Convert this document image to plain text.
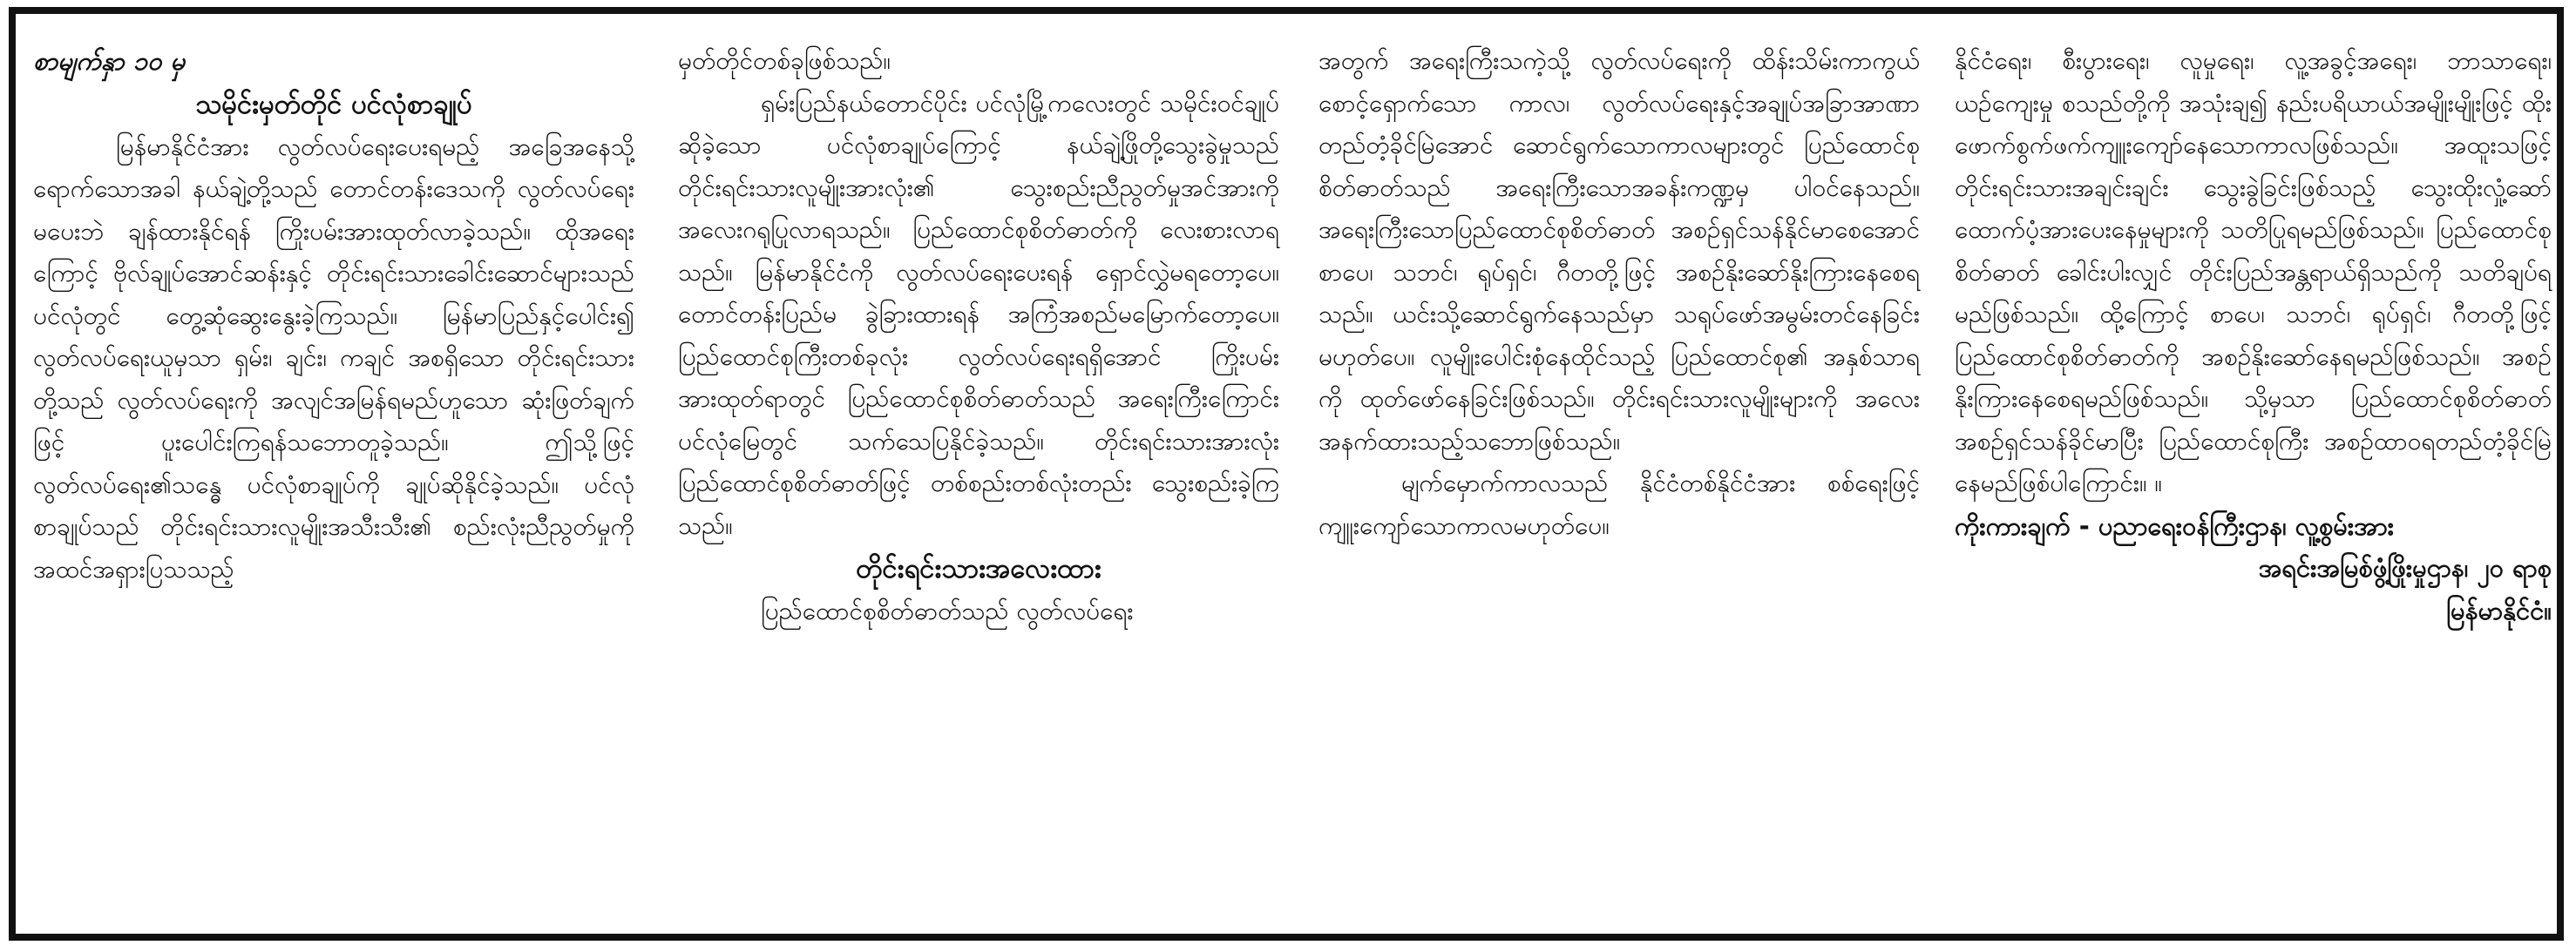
စာမျက်နှာ ၁၀ မှ
သမိုင်းမှတ်တိုင် ပင်လုံစာချုပ်

မြန်မာနိုင်ငံအား လွတ်လပ်ရေးပေးရမည့် အခြေအနေသို့ရောက်သောအခါ နယ်ချဲ့တို့သည် တောင်တန်းဒေသကို လွတ်လပ်ရေးမပေးဘဲ ချန်ထားနိုင်ရန် ကြိုးပမ်းအားထုတ်လာခဲ့သည်။ ထိုအရေးကြောင့် ဗိုလ်ချုပ်အောင်ဆန်းနှင့် တိုင်းရင်းသားခေါင်းဆောင်များသည် ပင်လုံတွင် တွေ့ဆုံဆွေးနွေးခဲ့ကြသည်။ မြန်မာပြည်နှင့်ပေါင်း၍ လွတ်လပ်ရေးယူမှသာ ရှမ်း၊ ချင်း၊ ကချင် အစရှိသော တိုင်းရင်းသားတို့သည် လွတ်လပ်ရေးကို အလျင်အမြန်ရမည်ဟူသော ဆုံးဖြတ်ချက်ဖြင့် ပူးပေါင်းကြရန်သဘောတူခဲ့သည်။ ဤသို့ဖြင့် လွတ်လပ်ရေး၏သန္ဓေ ပင်လုံစာချုပ်ကို ချုပ်ဆိုနိုင်ခဲ့သည်။ ပင်လုံစာချုပ်သည် တိုင်းရင်းသားလူမျိုးအသီးသီး၏ စည်းလုံးညီညွတ်မှုကို အထင်အရှားပြသသည့်

မှတ်တိုင်တစ်ခုဖြစ်သည်။

ရှမ်းပြည်နယ်တောင်ပိုင်း ပင်လုံမြို့ကလေးတွင် သမိုင်းဝင်ချုပ်ဆိုခဲ့သော ပင်လုံစာချုပ်ကြောင့် နယ်ချဲ့ဖြိုတို့သွေးခွဲမှုသည် တိုင်းရင်းသားလူမျိုးအားလုံး၏ သွေးစည်းညီညွတ်မှုအင်အားကို အလေးဂရုပြုလာရသည်။ ပြည်ထောင်စုစိတ်ဓာတ်ကို လေးစားလာရသည်။ မြန်မာနိုင်ငံကို လွတ်လပ်ရေးပေးရန် ရှောင်လွှဲမရတော့ပေ။ တောင်တန်းပြည်မ ခွဲခြားထားရန် အကြံအစည်မမြောက်တော့ပေ။ ပြည်ထောင်စုကြီးတစ်ခုလုံး လွတ်လပ်ရေးရရှိအောင် ကြိုးပမ်းအားထုတ်ရာတွင် ပြည်ထောင်စုစိတ်ဓာတ်သည် အရေးကြီးကြောင်း ပင်လုံမြေတွင် သက်သေပြနိုင်ခဲ့သည်။ တိုင်းရင်းသားအားလုံး ပြည်ထောင်စုစိတ်ဓာတ်ဖြင့် တစ်စည်းတစ်လုံးတည်း သွေးစည်းခဲ့ကြသည်။

တိုင်းရင်းသားအလေးထား

ပြည်ထောင်စုစိတ်ဓာတ်သည် လွတ်လပ်ရေး

အတွက် အရေးကြီးသကဲ့သို့ လွတ်လပ်ရေးကို ထိန်းသိမ်းကာကွယ်စောင့်ရှောက်သော ကာလ၊ လွတ်လပ်ရေးနှင့်အချုပ်အခြာအာဏာ တည်တံ့ခိုင်မြဲအောင် ဆောင်ရွက်သောကာလများတွင် ပြည်ထောင်စုစိတ်ဓာတ်သည် အရေးကြီးသောအခန်းကဏ္ဍမှ ပါဝင်နေသည်။ အရေးကြီးသောပြည်ထောင်စုစိတ်ဓာတ် အစဉ်ရှင်သန်နိုင်မာစေအောင် စာပေ၊ သဘင်၊ ရုပ်ရှင်၊ ဂီတတို့ဖြင့် အစဉ်နိုးဆော်နိုးကြားနေစေရသည်။ ယင်းသို့ဆောင်ရွက်နေသည်မှာ သရုပ်ဖော်အမွမ်းတင်နေခြင်းမဟုတ်ပေ။ လူမျိုးပေါင်းစုံနေထိုင်သည့် ပြည်ထောင်စု၏ အနှစ်သာရကို ထုတ်ဖော်နေခြင်းဖြစ်သည်။ တိုင်းရင်းသားလူမျိုးများကို အလေးအနက်ထားသည့်သဘောဖြစ်သည်။

မျက်မှောက်ကာလသည် နိုင်ငံတစ်နိုင်ငံအား စစ်ရေးဖြင့် ကျူးကျော်သောကာလမဟုတ်ပေ။

နိုင်ငံရေး၊ စီးပွားရေး၊ လူမှုရေး၊ လူ့အခွင့်အရေး၊ ဘာသာရေး၊ ယဉ်ကျေးမှု စသည်တို့ကို အသုံးချ၍ နည်းပရိယာယ်အမျိုးမျိုးဖြင့် ထိုးဖောက်စွက်ဖက်ကျူးကျော်နေသောကာလဖြစ်သည်။ အထူးသဖြင့် တိုင်းရင်းသားအချင်းချင်း သွေးခွဲခြင်းဖြစ်သည့် သွေးထိုးလှုံ့ဆော် ထောက်ပံ့အားပေးနေမှုများကို သတိပြုရမည်ဖြစ်သည်။ ပြည်ထောင်စုစိတ်ဓာတ် ခေါင်းပါးလျှင် တိုင်းပြည်အန္တရာယ်ရှိသည်ကို သတိချပ်ရမည်ဖြစ်သည်။ ထို့ကြောင့် စာပေ၊ သဘင်၊ ရုပ်ရှင်၊ ဂီတတို့ဖြင့် ပြည်ထောင်စုစိတ်ဓာတ်ကို အစဉ်နိုးဆော်နေရမည်ဖြစ်သည်။ အစဉ်နိုးကြားနေစေရမည်ဖြစ်သည်။ သို့မှသာ ပြည်ထောင်စုစိတ်ဓာတ် အစဉ်ရှင်သန်ခိုင်မာပြီး ပြည်ထောင်စုကြီး အစဉ်ထာဝရတည်တံ့ခိုင်မြဲနေမည်ဖြစ်ပါကြောင်း။ ။

ကိုးကားချက် - ပညာရေးဝန်ကြီးဌာန၊ လူ့စွမ်းအား
အရင်းအမြစ်ဖွံ့ဖြိုးမှုဌာန၊ ၂၀ ရာစု
မြန်မာနိုင်ငံ။
